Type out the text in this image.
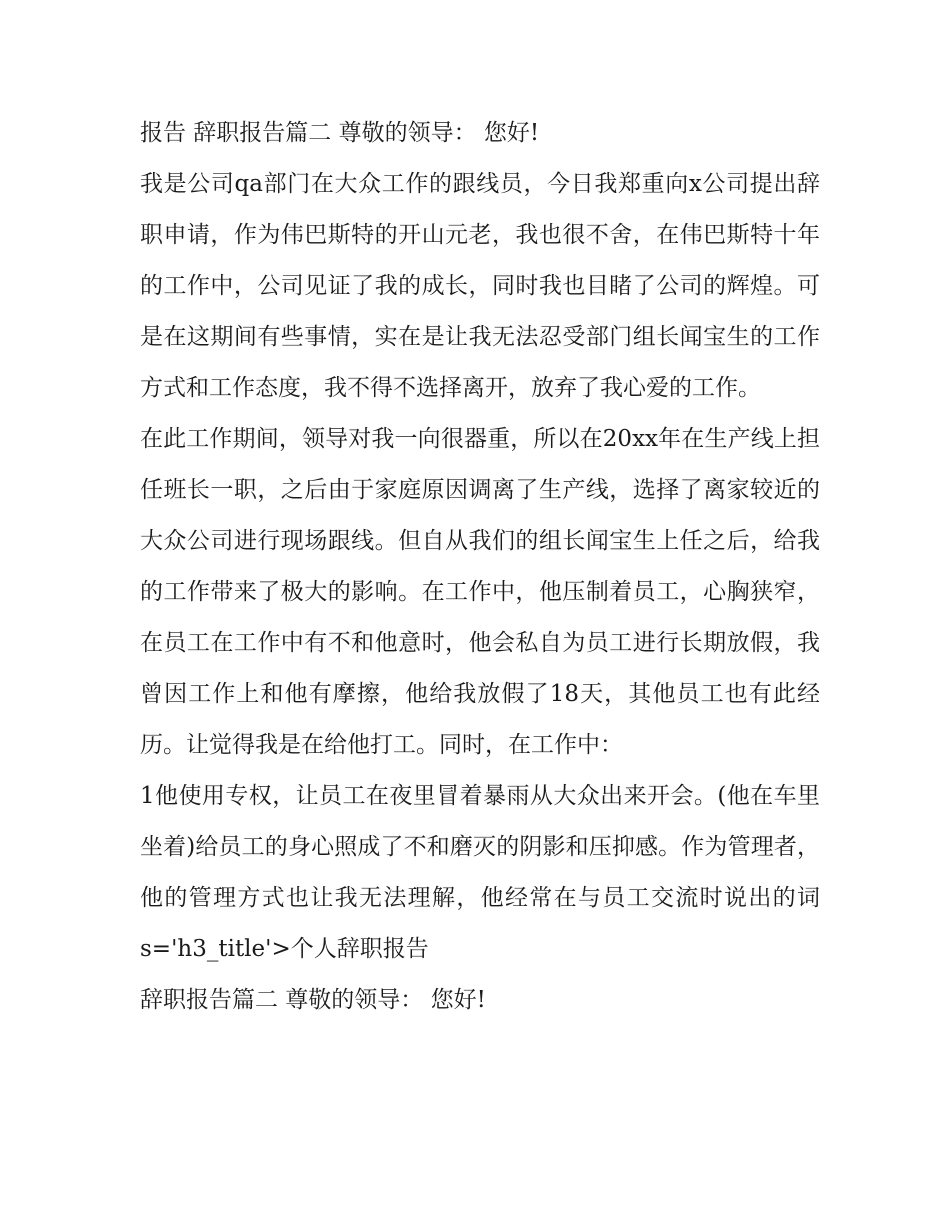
报告 辞职报告篇二 尊敬的领导： 您好!

我是公司qa部门在大众工作的跟线员，今日我郑重向x公司提出辞职申请，作为伟巴斯特的开山元老，我也很不舍，在伟巴斯特十年的工作中，公司见证了我的成长，同时我也目睹了公司的辉煌。可是在这期间有些事情，实在是让我无法忍受部门组长闻宝生的工作方式和工作态度，我不得不选择离开，放弃了我心爱的工作。

在此工作期间，领导对我一向很器重，所以在20xx年在生产线上担任班长一职，之后由于家庭原因调离了生产线，选择了离家较近的大众公司进行现场跟线。但自从我们的组长闻宝生上任之后，给我的工作带来了极大的影响。在工作中，他压制着员工，心胸狭窄，在员工在工作中有不和他意时，他会私自为员工进行长期放假，我曾因工作上和他有摩擦，他给我放假了18天，其他员工也有此经历。让觉得我是在给他打工。同时，在工作中：

1他使用专权，让员工在夜里冒着暴雨从大众出来开会。(他在车里坐着)给员工的身心照成了不和磨灭的阴影和压抑感。作为管理者，他的管理方式也让我无法理解，他经常在与员工交流时说出的词 s='h3_title'>个人辞职报告

辞职报告篇二 尊敬的领导： 您好!
